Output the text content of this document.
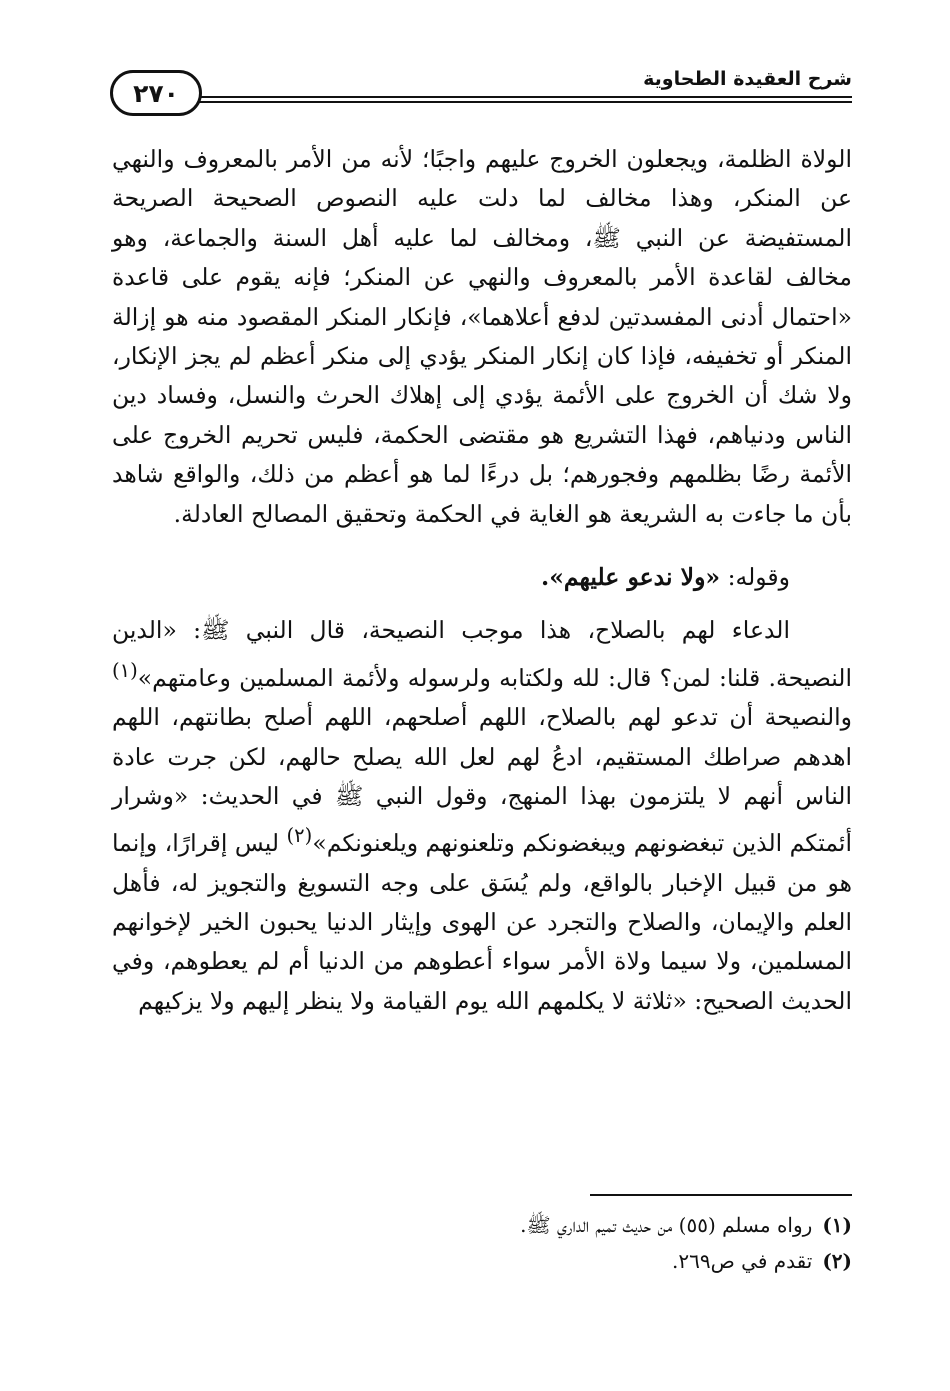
٢٧٠	شرح العقيدة الطحاوية

الولاة الظلمة، ويجعلون الخروج عليهم واجبًا؛ لأنه من الأمر بالمعروف والنهي عن المنكر، وهذا مخالف لما دلت عليه النصوص الصحيحة الصريحة المستفيضة عن النبي ﷺ، ومخالف لما عليه أهل السنة والجماعة، وهو مخالف لقاعدة الأمر بالمعروف والنهي عن المنكر؛ فإنه يقوم على قاعدة «احتمال أدنى المفسدتين لدفع أعلاهما»، فإنكار المنكر المقصود منه هو إزالة المنكر أو تخفيفه، فإذا كان إنكار المنكر يؤدي إلى منكر أعظم لم يجز الإنكار، ولا شك أن الخروج على الأئمة يؤدي إلى إهلاك الحرث والنسل، وفساد دين الناس ودنياهم، فهذا التشريع هو مقتضى الحكمة، فليس تحريم الخروج على الأئمة رضًا بظلمهم وفجورهم؛ بل درءًا لما هو أعظم من ذلك، والواقع شاهد بأن ما جاءت به الشريعة هو الغاية في الحكمة وتحقيق المصالح العادلة.

وقوله: «ولا ندعو عليهم».

الدعاء لهم بالصلاح، هذا موجب النصيحة، قال النبي ﷺ: «الدين النصيحة. قلنا: لمن؟ قال: لله ولكتابه ولرسوله ولأئمة المسلمين وعامتهم»$^{(١)}$ والنصيحة أن تدعو لهم بالصلاح، اللهم أصلحهم، اللهم أصلح بطانتهم، اللهم اهدهم صراطك المستقيم، ادعُ لهم لعل الله يصلح حالهم، لكن جرت عادة الناس أنهم لا يلتزمون بهذا المنهج، وقول النبي ﷺ في الحديث: «وشرار أئمتكم الذين تبغضونهم ويبغضونكم وتلعنونهم ويلعنونكم»$^{(٢)}$ ليس إقرارًا، وإنما هو من قبيل الإخبار بالواقع، ولم يُسَق على وجه التسويغ والتجويز له، فأهل العلم والإيمان، والصلاح والتجرد عن الهوى وإيثار الدنيا يحبون الخير لإخوانهم المسلمين، ولا سيما ولاة الأمر سواء أعطوهم من الدنيا أم لم يعطوهم، وفي الحديث الصحيح: «ثلاثة لا يكلمهم الله يوم القيامة ولا ينظر إليهم ولا يزكيهم

(١)رواه مسلم (٥٥) من حديث تميم الداري ﷺ.

(٢)تقدم في ص٢٦٩.
